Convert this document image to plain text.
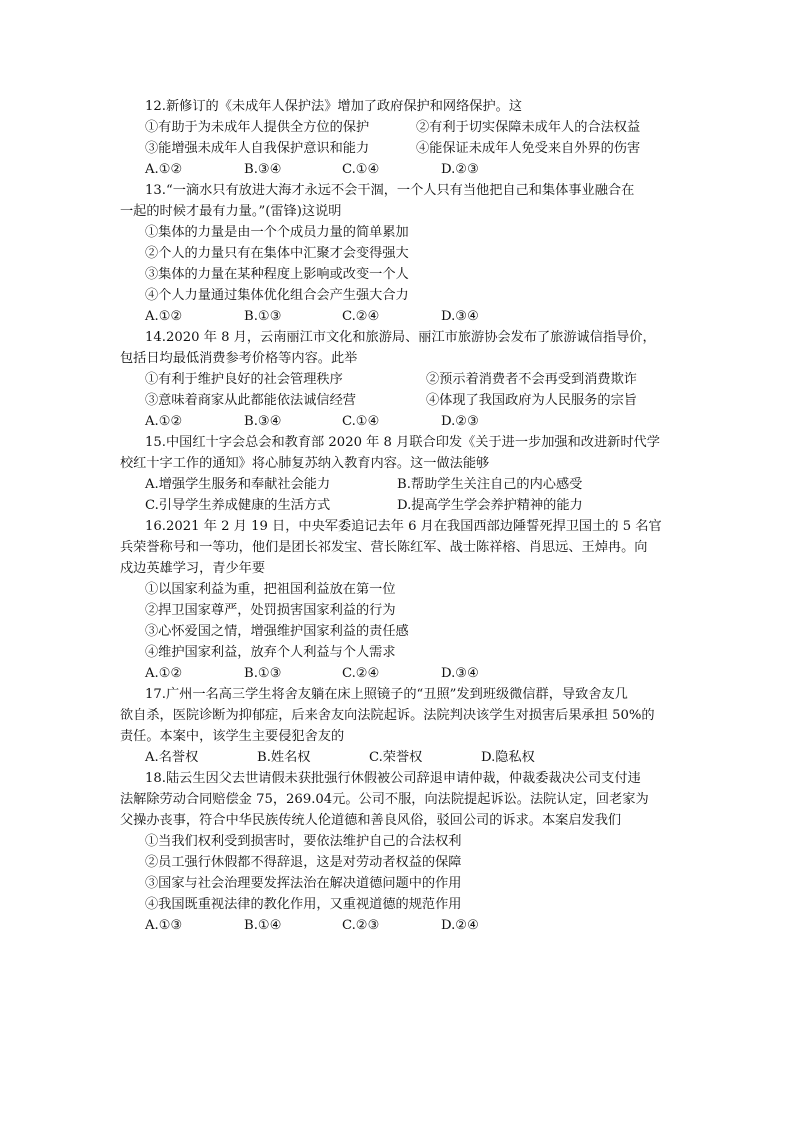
12.新修订的《未成年人保护法》增加了政府保护和网络保护。这
①有助于为未成年人提供全方位的保护	②有利于切实保障未成年人的合法权益
③能增强未成年人自我保护意识和能力	④能保证未成年人免受来自外界的伤害
A.①②	B.③④	C.①④	D.②③
13.“一滴水只有放进大海才永远不会干涸，一个人只有当他把自己和集体事业融合在
一起的时候才最有力量。”(雷锋)这说明
①集体的力量是由一个个成员力量的简单累加
②个人的力量只有在集体中汇聚才会变得强大
③集体的力量在某种程度上影响或改变一个人
④个人力量通过集体优化组合会产生强大合力
A.①②	B.①③	C.②④	D.③④
14.2020 年 8 月，云南丽江市文化和旅游局、丽江市旅游协会发布了旅游诚信指导价，
包括日均最低消费参考价格等内容。此举
①有利于维护良好的社会管理秩序	②预示着消费者不会再受到消费欺诈
③意味着商家从此都能依法诚信经营	④体现了我国政府为人民服务的宗旨
A.①②	B.③④	C.①④	D.②③
15.中国红十字会总会和教育部 2020 年 8 月联合印发《关于进一步加强和改进新时代学
校红十字工作的通知》将心肺复苏纳入教育内容。这一做法能够
A.增强学生服务和奉献社会能力	B.帮助学生关注自己的内心感受
C.引导学生养成健康的生活方式	D.提高学生学会养护精神的能力
16.2021 年 2 月 19 日，中央军委追记去年 6 月在我国西部边陲誓死捍卫国土的 5 名官
兵荣誉称号和一等功，他们是团长祁发宝、营长陈红军、战士陈祥榕、肖思远、王焯冉。向
戍边英雄学习，青少年要
①以国家利益为重，把祖国利益放在第一位
②捍卫国家尊严，处罚损害国家利益的行为
③心怀爱国之情，增强维护国家利益的责任感
④维护国家利益，放弃个人利益与个人需求
A.①②	B.①③	C.②④	D.③④
17.广州一名高三学生将舍友躺在床上照镜子的“丑照”发到班级微信群，导致舍友几
欲自杀，医院诊断为抑郁症，后来舍友向法院起诉。法院判决该学生对损害后果承担 50%的
责任。本案中，该学生主要侵犯舍友的
A.名誉权	B.姓名权	C.荣誉权	D.隐私权
18.陆云生因父去世请假未获批强行休假被公司辞退申请仲裁，仲裁委裁决公司支付违
法解除劳动合同赔偿金 75，269.04元。公司不服，向法院提起诉讼。法院认定，回老家为
父操办丧事，符合中华民族传统人伦道德和善良风俗，驳回公司的诉求。本案启发我们
①当我们权利受到损害时，要依法维护自己的合法权利
②员工强行休假都不得辞退，这是对劳动者权益的保障
③国家与社会治理要发挥法治在解决道德问题中的作用
④我国既重视法律的教化作用，又重视道德的规范作用
A.①③	B.①④	C.②③	D.②④
